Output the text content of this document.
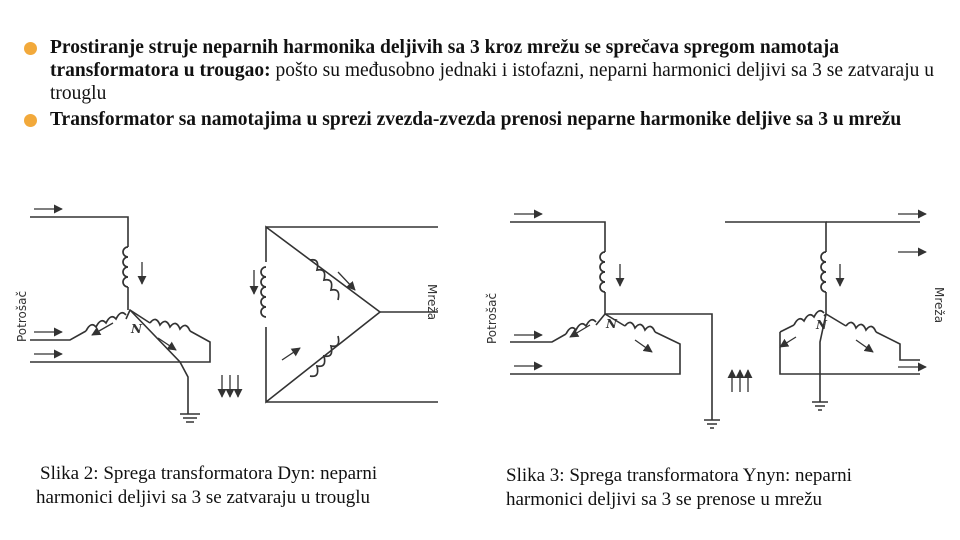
Prostiranje struje neparnih harmonika deljivih sa 3 kroz mrežu se sprečava spregom namotaja transformatora u trougao: pošto su međusobno jednaki i istofazni, neparni harmonici deljivi sa 3 se zatvaraju u trouglu
Transformator sa namotajima u sprezi zvezda-zvezda prenosi neparne harmonike deljive sa 3 u mrežu
N
Mreža
Potrošač	N	N
Mreža
Potrošač
Slika 2: Sprega transformatora Dyn: neparni
harmonici deljivi sa 3 se zatvaraju u trouglu
Slika 3: Sprega transformatora Ynyn: neparni
harmonici deljivi sa 3 se prenose u mrežu
